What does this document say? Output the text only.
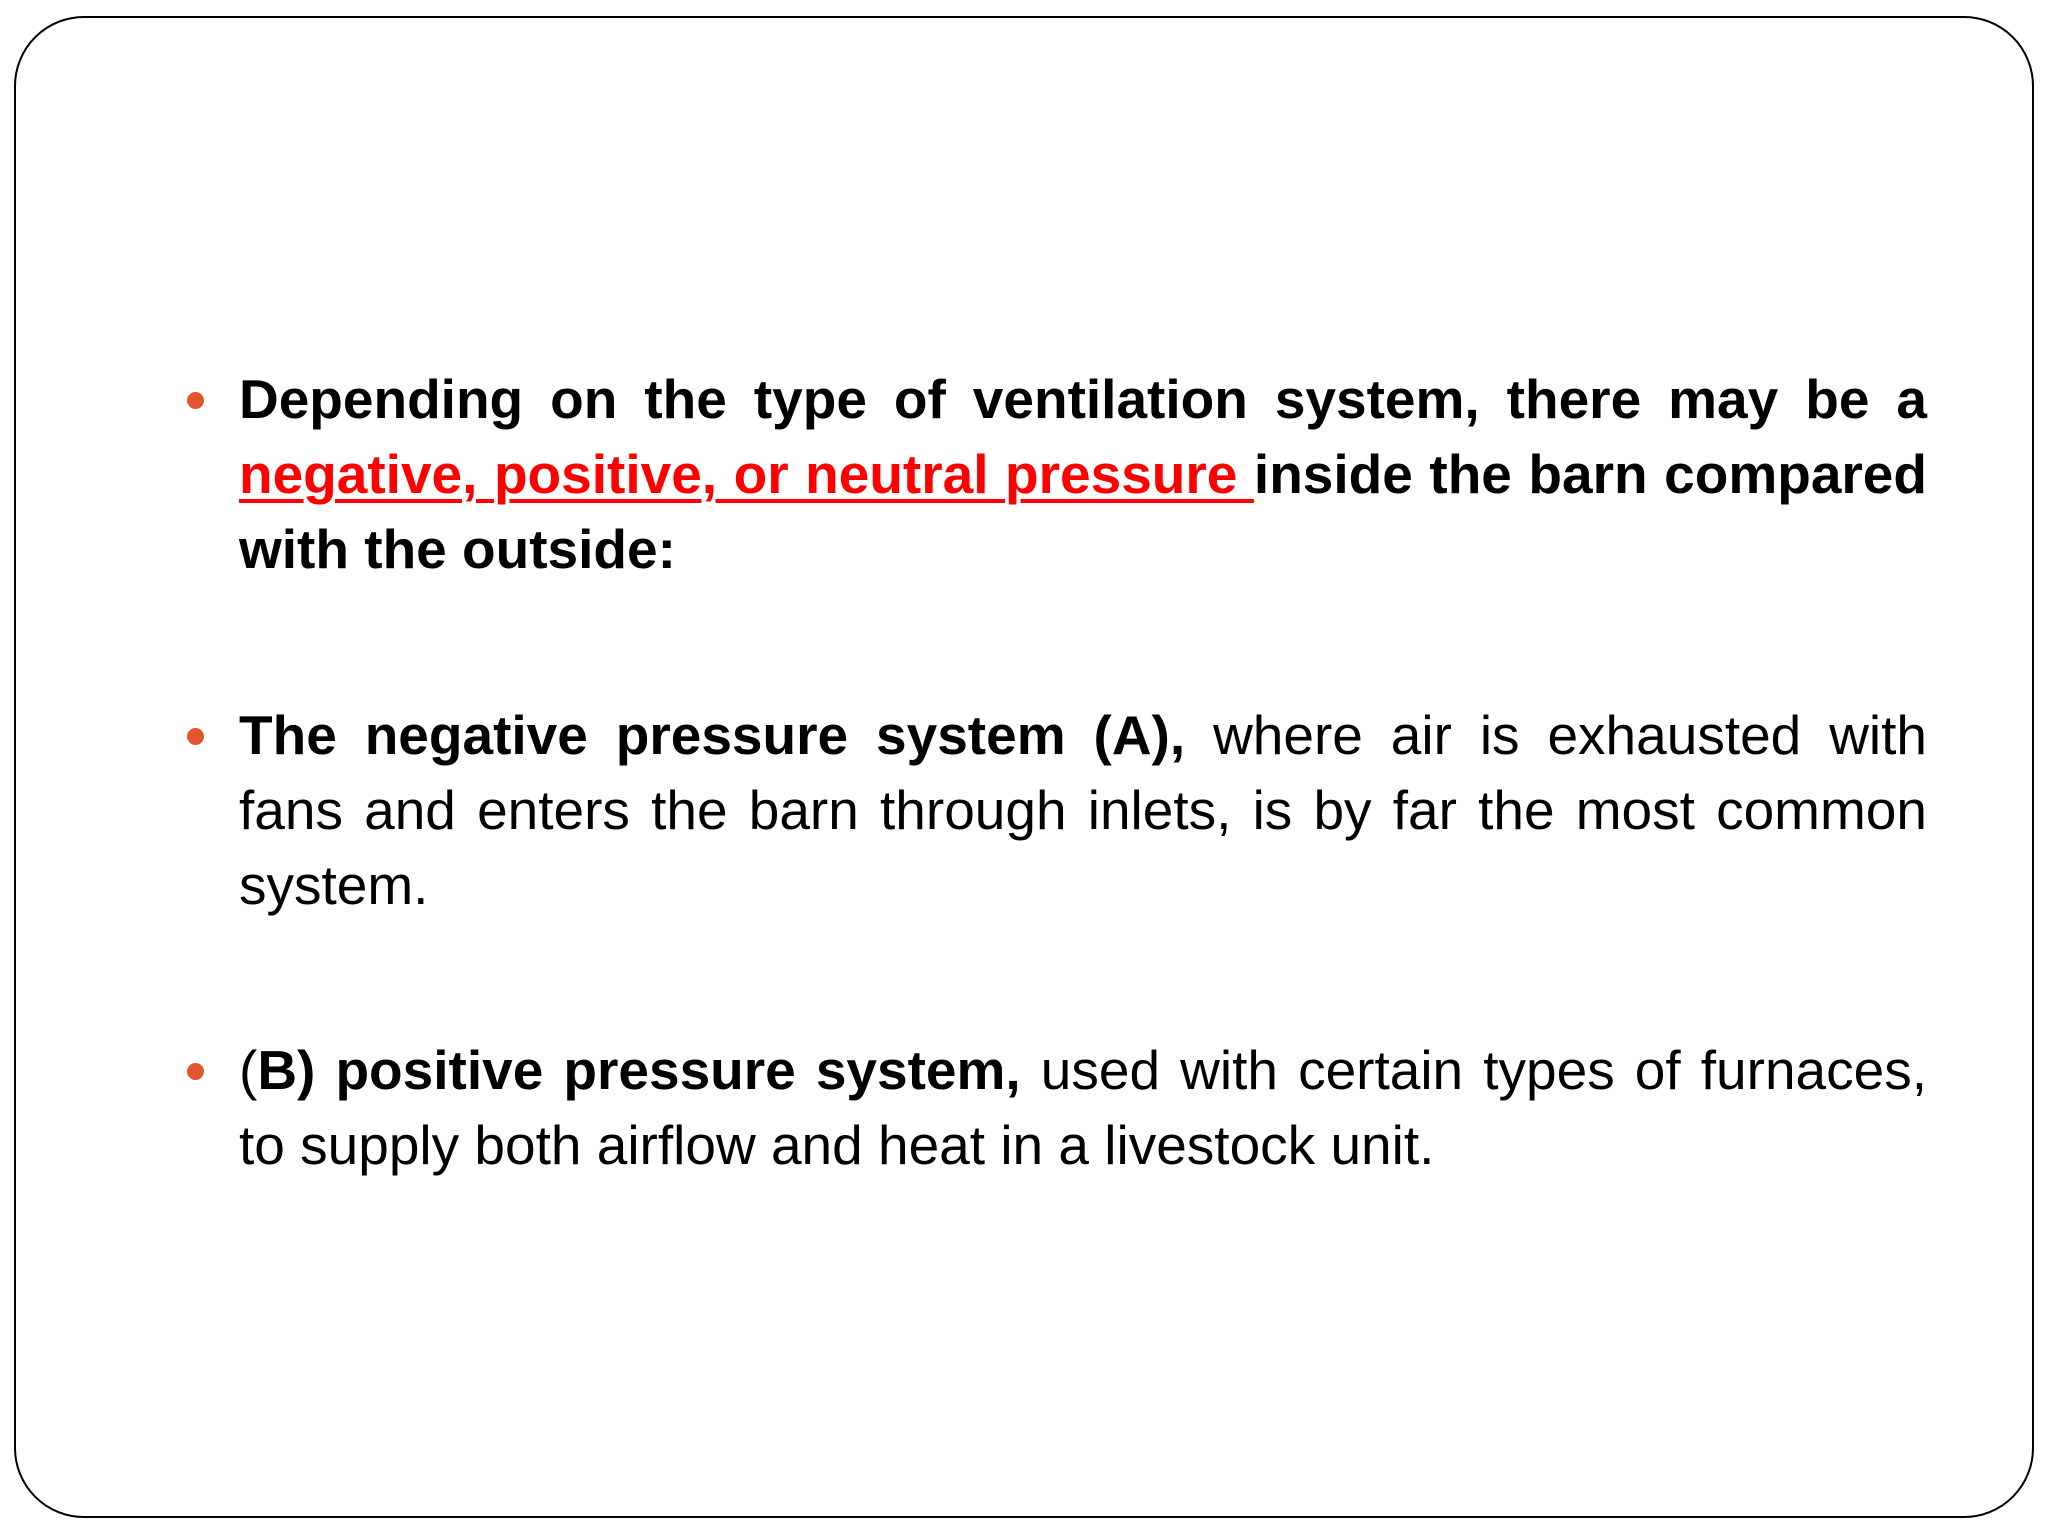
Depending on the type of ventilation system, there may be a negative, positive, or neutral pressure inside the barn compared with the outside:
The negative pressure system (A), where air is exhausted with fans and enters the barn through inlets, is by far the most common system.
(B) positive pressure system, used with certain types of furnaces, to supply both airflow and heat in a livestock unit.
